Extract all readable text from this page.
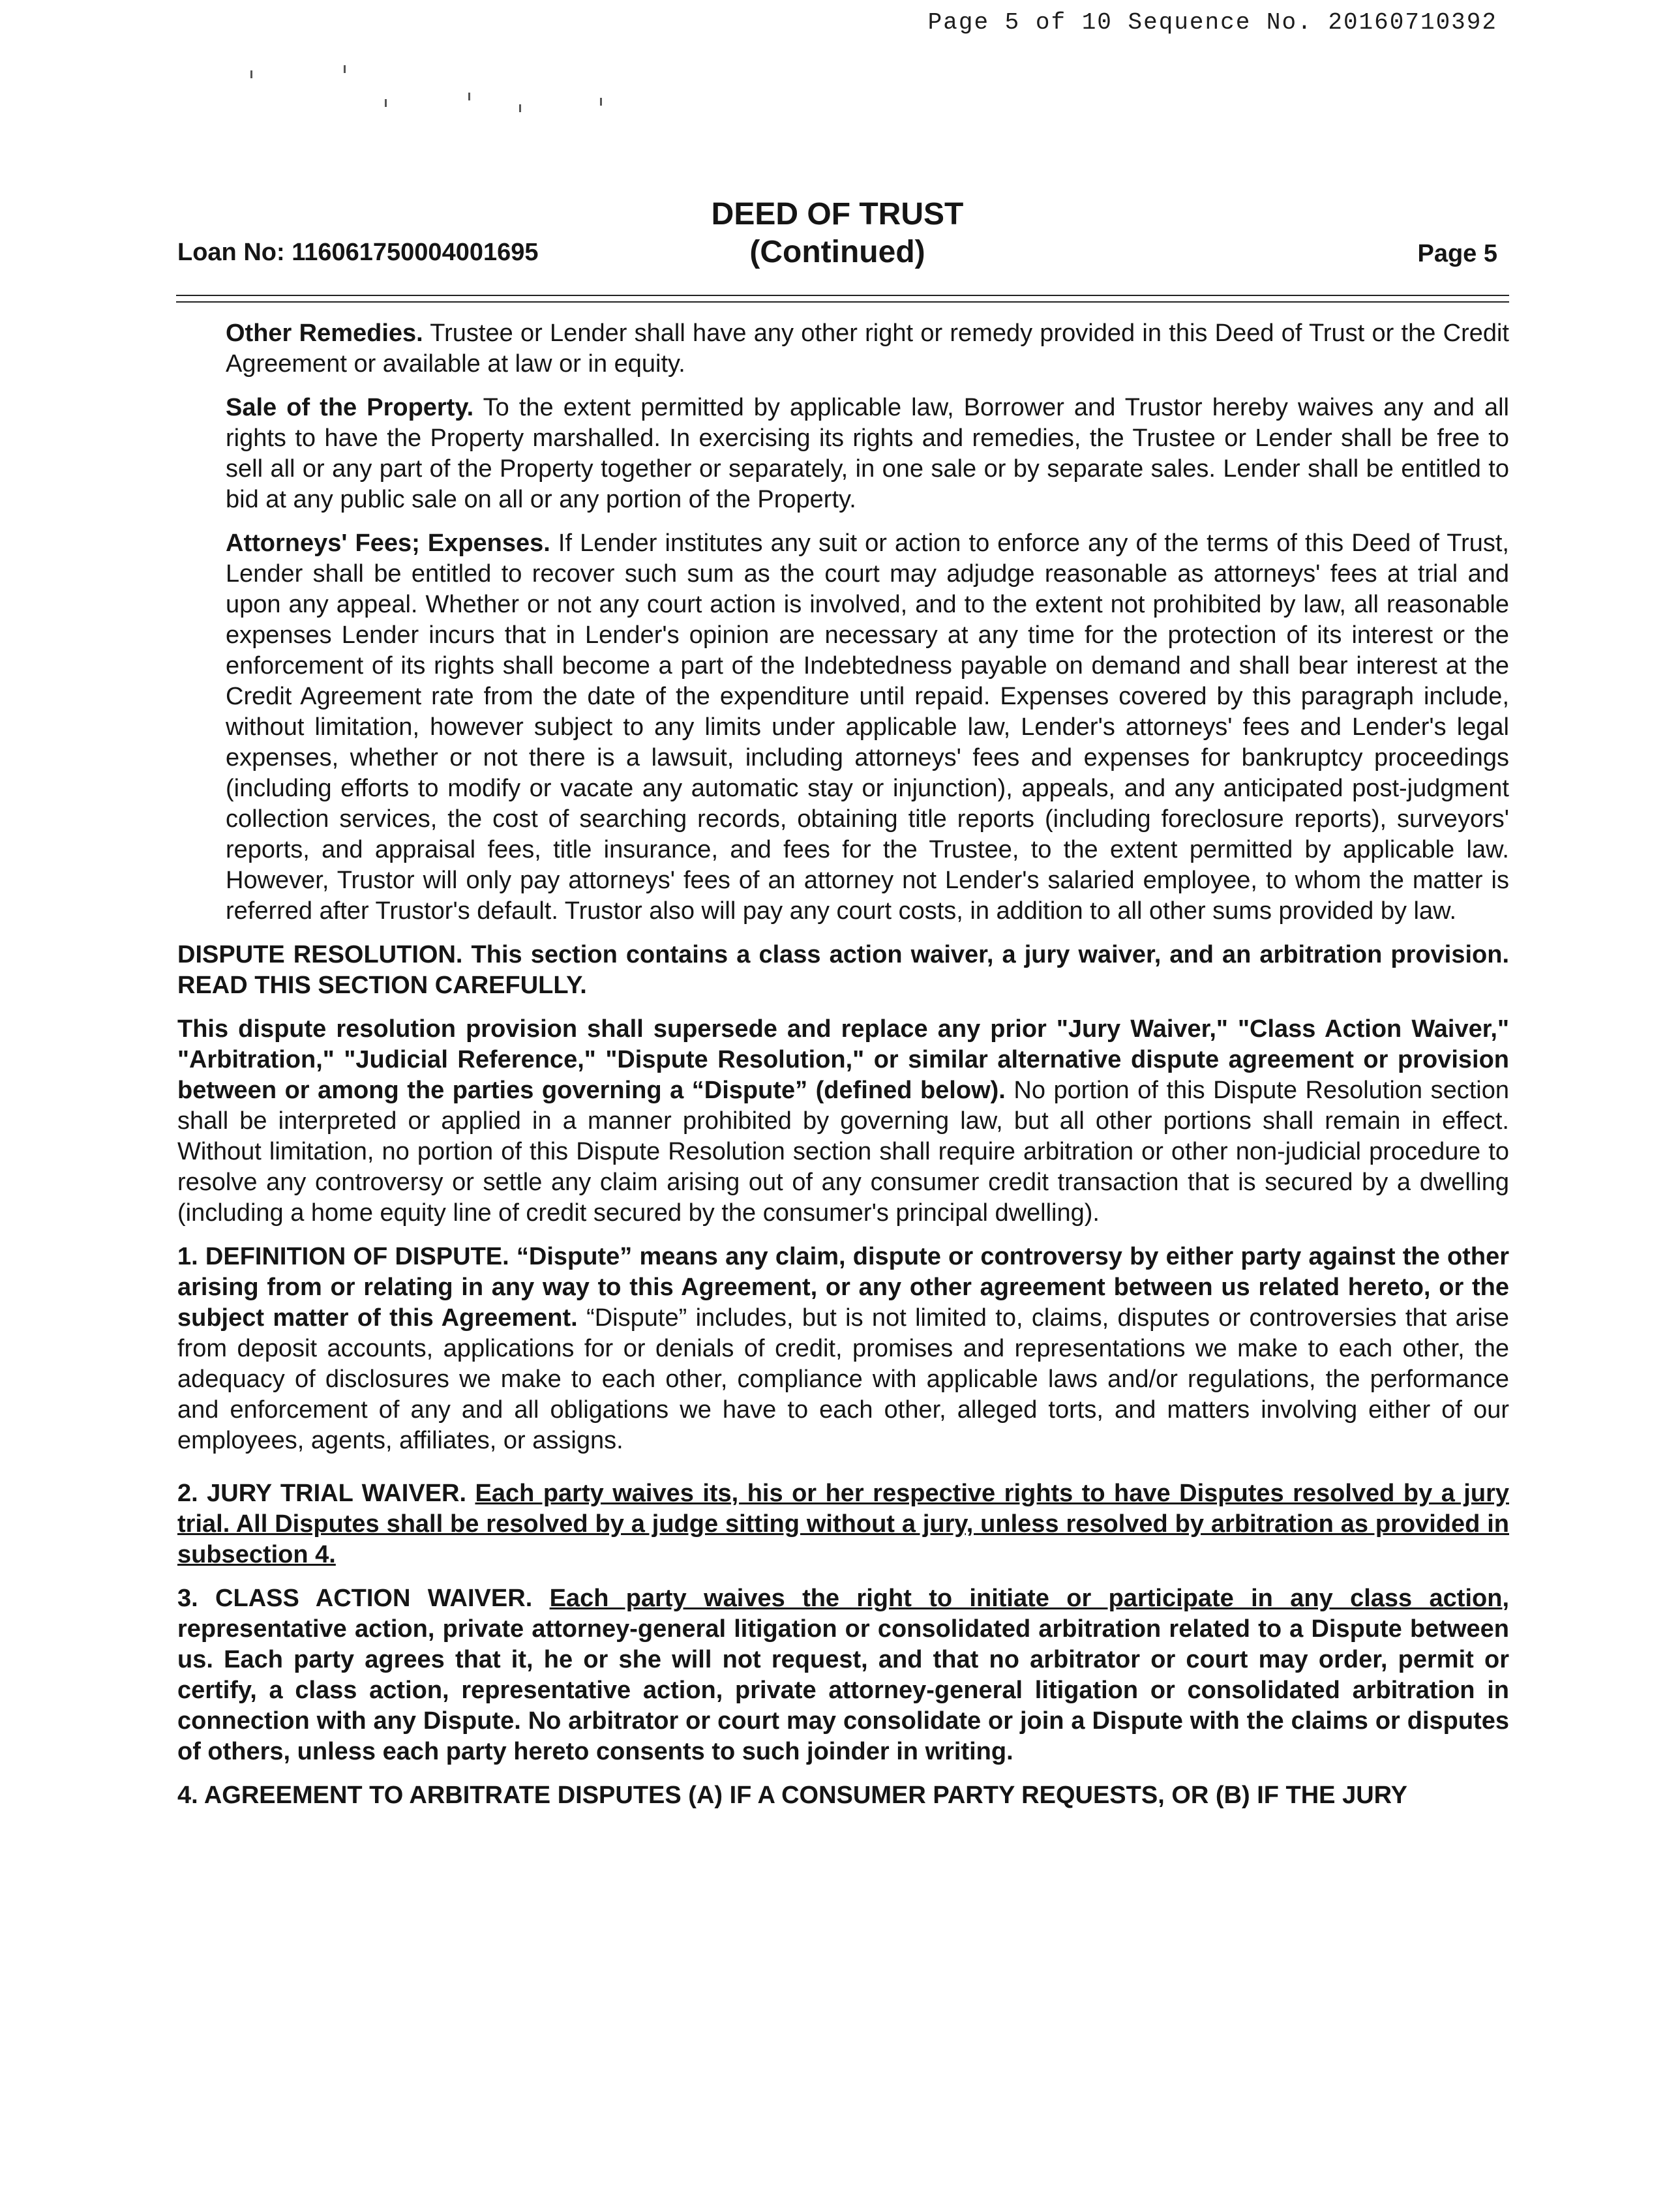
Page 5 of 10 Sequence No. 20160710392
DEED OF TRUST
(Continued)
Loan No: 116061750004001695	Page 5

Other Remedies. Trustee or Lender shall have any other right or remedy provided in this Deed of Trust or the Credit Agreement or available at law or in equity.

Sale of the Property. To the extent permitted by applicable law, Borrower and Trustor hereby waives any and all rights to have the Property marshalled. In exercising its rights and remedies, the Trustee or Lender shall be free to sell all or any part of the Property together or separately, in one sale or by separate sales. Lender shall be entitled to bid at any public sale on all or any portion of the Property.

Attorneys' Fees; Expenses. If Lender institutes any suit or action to enforce any of the terms of this Deed of Trust, Lender shall be entitled to recover such sum as the court may adjudge reasonable as attorneys' fees at trial and upon any appeal. Whether or not any court action is involved, and to the extent not prohibited by law, all reasonable expenses Lender incurs that in Lender's opinion are necessary at any time for the protection of its interest or the enforcement of its rights shall become a part of the Indebtedness payable on demand and shall bear interest at the Credit Agreement rate from the date of the expenditure until repaid. Expenses covered by this paragraph include, without limitation, however subject to any limits under applicable law, Lender's attorneys' fees and Lender's legal expenses, whether or not there is a lawsuit, including attorneys' fees and expenses for bankruptcy proceedings (including efforts to modify or vacate any automatic stay or injunction), appeals, and any anticipated post-judgment collection services, the cost of searching records, obtaining title reports (including foreclosure reports), surveyors' reports, and appraisal fees, title insurance, and fees for the Trustee, to the extent permitted by applicable law. However, Trustor will only pay attorneys' fees of an attorney not Lender's salaried employee, to whom the matter is referred after Trustor's default. Trustor also will pay any court costs, in addition to all other sums provided by law.

DISPUTE RESOLUTION. This section contains a class action waiver, a jury waiver, and an arbitration provision. READ THIS SECTION CAREFULLY.

This dispute resolution provision shall supersede and replace any prior "Jury Waiver," "Class Action Waiver," "Arbitration," "Judicial Reference," "Dispute Resolution," or similar alternative dispute agreement or provision between or among the parties governing a “Dispute” (defined below). No portion of this Dispute Resolution section shall be interpreted or applied in a manner prohibited by governing law, but all other portions shall remain in effect. Without limitation, no portion of this Dispute Resolution section shall require arbitration or other non-judicial procedure to resolve any controversy or settle any claim arising out of any consumer credit transaction that is secured by a dwelling (including a home equity line of credit secured by the consumer's principal dwelling).

1. DEFINITION OF DISPUTE. “Dispute” means any claim, dispute or controversy by either party against the other arising from or relating in any way to this Agreement, or any other agreement between us related hereto, or the subject matter of this Agreement. “Dispute” includes, but is not limited to, claims, disputes or controversies that arise from deposit accounts, applications for or denials of credit, promises and representations we make to each other, the adequacy of disclosures we make to each other, compliance with applicable laws and/or regulations, the performance and enforcement of any and all obligations we have to each other, alleged torts, and matters involving either of our employees, agents, affiliates, or assigns.

2. JURY TRIAL WAIVER. Each party waives its, his or her respective rights to have Disputes resolved by a jury trial. All Disputes shall be resolved by a judge sitting without a jury, unless resolved by arbitration as provided in subsection 4.

3. CLASS ACTION WAIVER. Each party waives the right to initiate or participate in any class action, representative action, private attorney-general litigation or consolidated arbitration related to a Dispute between us. Each party agrees that it, he or she will not request, and that no arbitrator or court may order, permit or certify, a class action, representative action, private attorney-general litigation or consolidated arbitration in connection with any Dispute. No arbitrator or court may consolidate or join a Dispute with the claims or disputes of others, unless each party hereto consents to such joinder in writing.

4. AGREEMENT TO ARBITRATE DISPUTES (A) IF A CONSUMER PARTY REQUESTS, OR (B) IF THE JURY
